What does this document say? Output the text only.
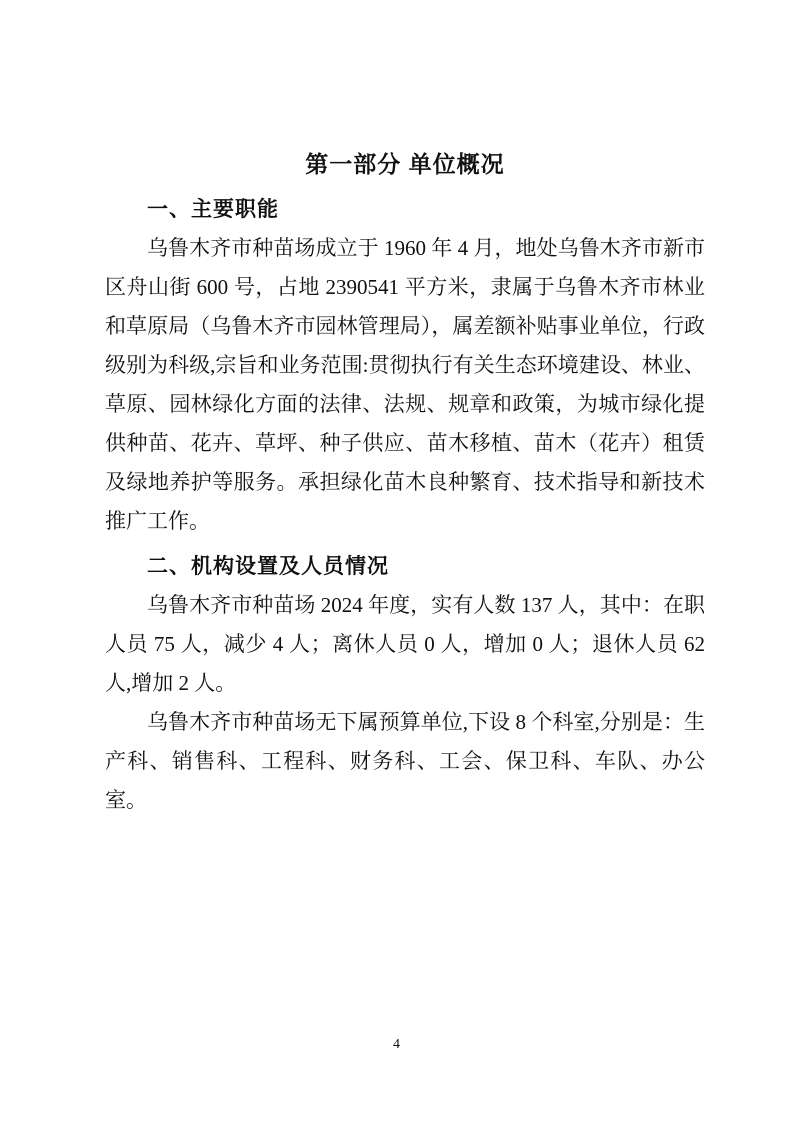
第一部分 单位概况
一、主要职能

乌鲁木齐市种苗场成立于 1960 年 4 月，地处乌鲁木齐市新市区舟山街 600 号，占地 2390541 平方米，隶属于乌鲁木齐市林业和草原局（乌鲁木齐市园林管理局），属差额补贴事业单位，行政级别为科级,宗旨和业务范围:贯彻执行有关生态环境建设、林业、草原、园林绿化方面的法律、法规、规章和政策，为城市绿化提供种苗、花卉、草坪、种子供应、苗木移植、苗木（花卉）租赁及绿地养护等服务。承担绿化苗木良种繁育、技术指导和新技术推广工作。

二、机构设置及人员情况

乌鲁木齐市种苗场 2024 年度，实有人数 137 人，其中：在职人员 75 人，减少 4 人；离休人员 0 人，增加 0 人；退休人员 62 人,增加 2 人。

乌鲁木齐市种苗场无下属预算单位,下设 8 个科室,分别是：生产科、销售科、工程科、财务科、工会、保卫科、车队、办公室。

4
